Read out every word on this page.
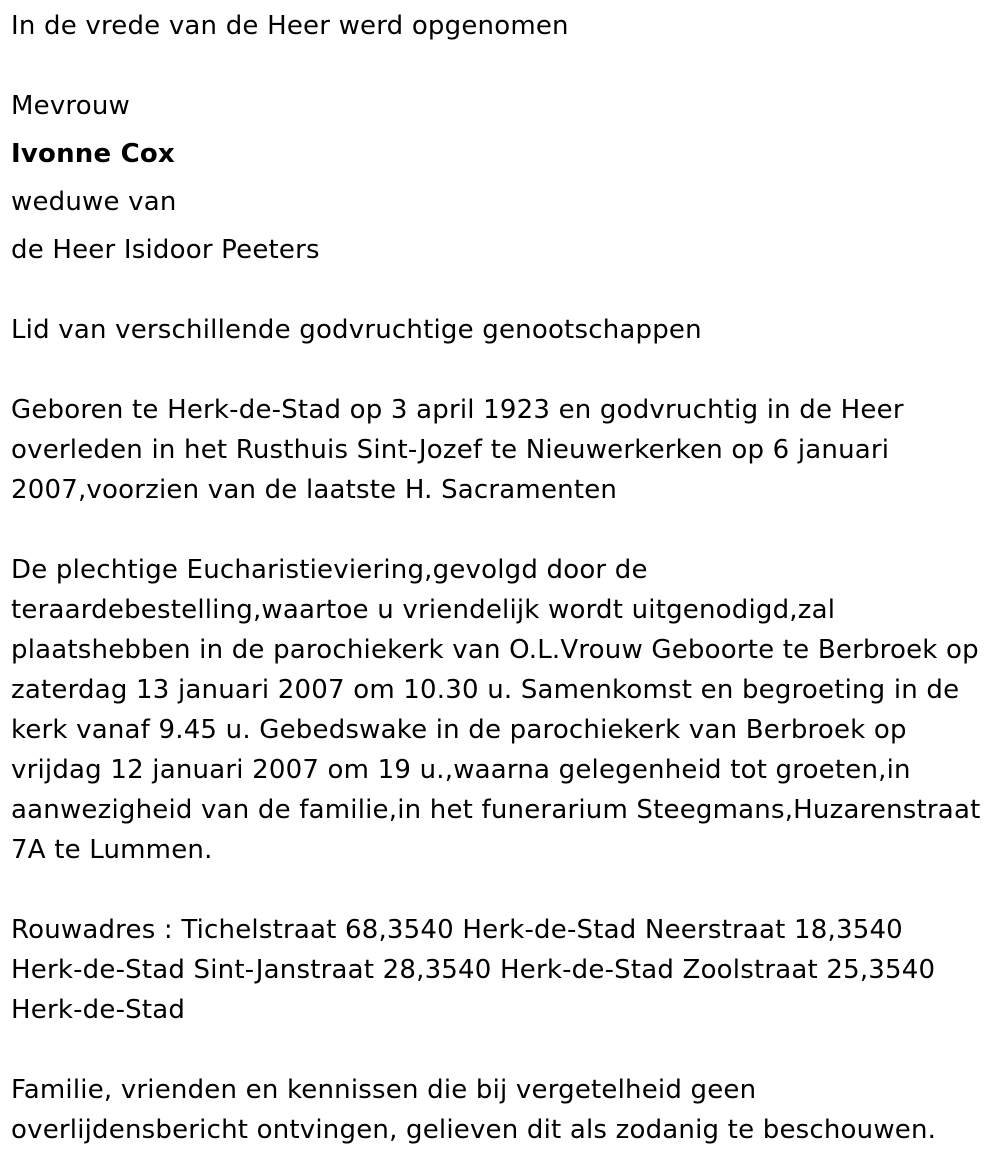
In de vrede van de Heer werd opgenomen
Mevrouw
Ivonne Cox
weduwe van
de Heer Isidoor Peeters
Lid van verschillende godvruchtige genootschappen
Geboren te Herk-de-Stad op 3 april 1923 en godvruchtig in de Heer
overleden in het Rusthuis Sint-Jozef te Nieuwerkerken op 6 januari
2007,voorzien van de laatste H. Sacramenten
De plechtige Eucharistieviering,gevolgd door de
teraardebestelling,waartoe u vriendelijk wordt uitgenodigd,zal
plaatshebben in de parochiekerk van O.L.Vrouw Geboorte te Berbroek op
zaterdag 13 januari 2007 om 10.30 u. Samenkomst en begroeting in de
kerk vanaf 9.45 u. Gebedswake in de parochiekerk van Berbroek op
vrijdag 12 januari 2007 om 19 u.,waarna gelegenheid tot groeten,in
aanwezigheid van de familie,in het funerarium Steegmans,Huzarenstraat
7A te Lummen.
Rouwadres : Tichelstraat 68,3540 Herk-de-Stad Neerstraat 18,3540
Herk-de-Stad Sint-Janstraat 28,3540 Herk-de-Stad Zoolstraat 25,3540
Herk-de-Stad
Familie, vrienden en kennissen die bij vergetelheid geen
overlijdensbericht ontvingen, gelieven dit als zodanig te beschouwen.
